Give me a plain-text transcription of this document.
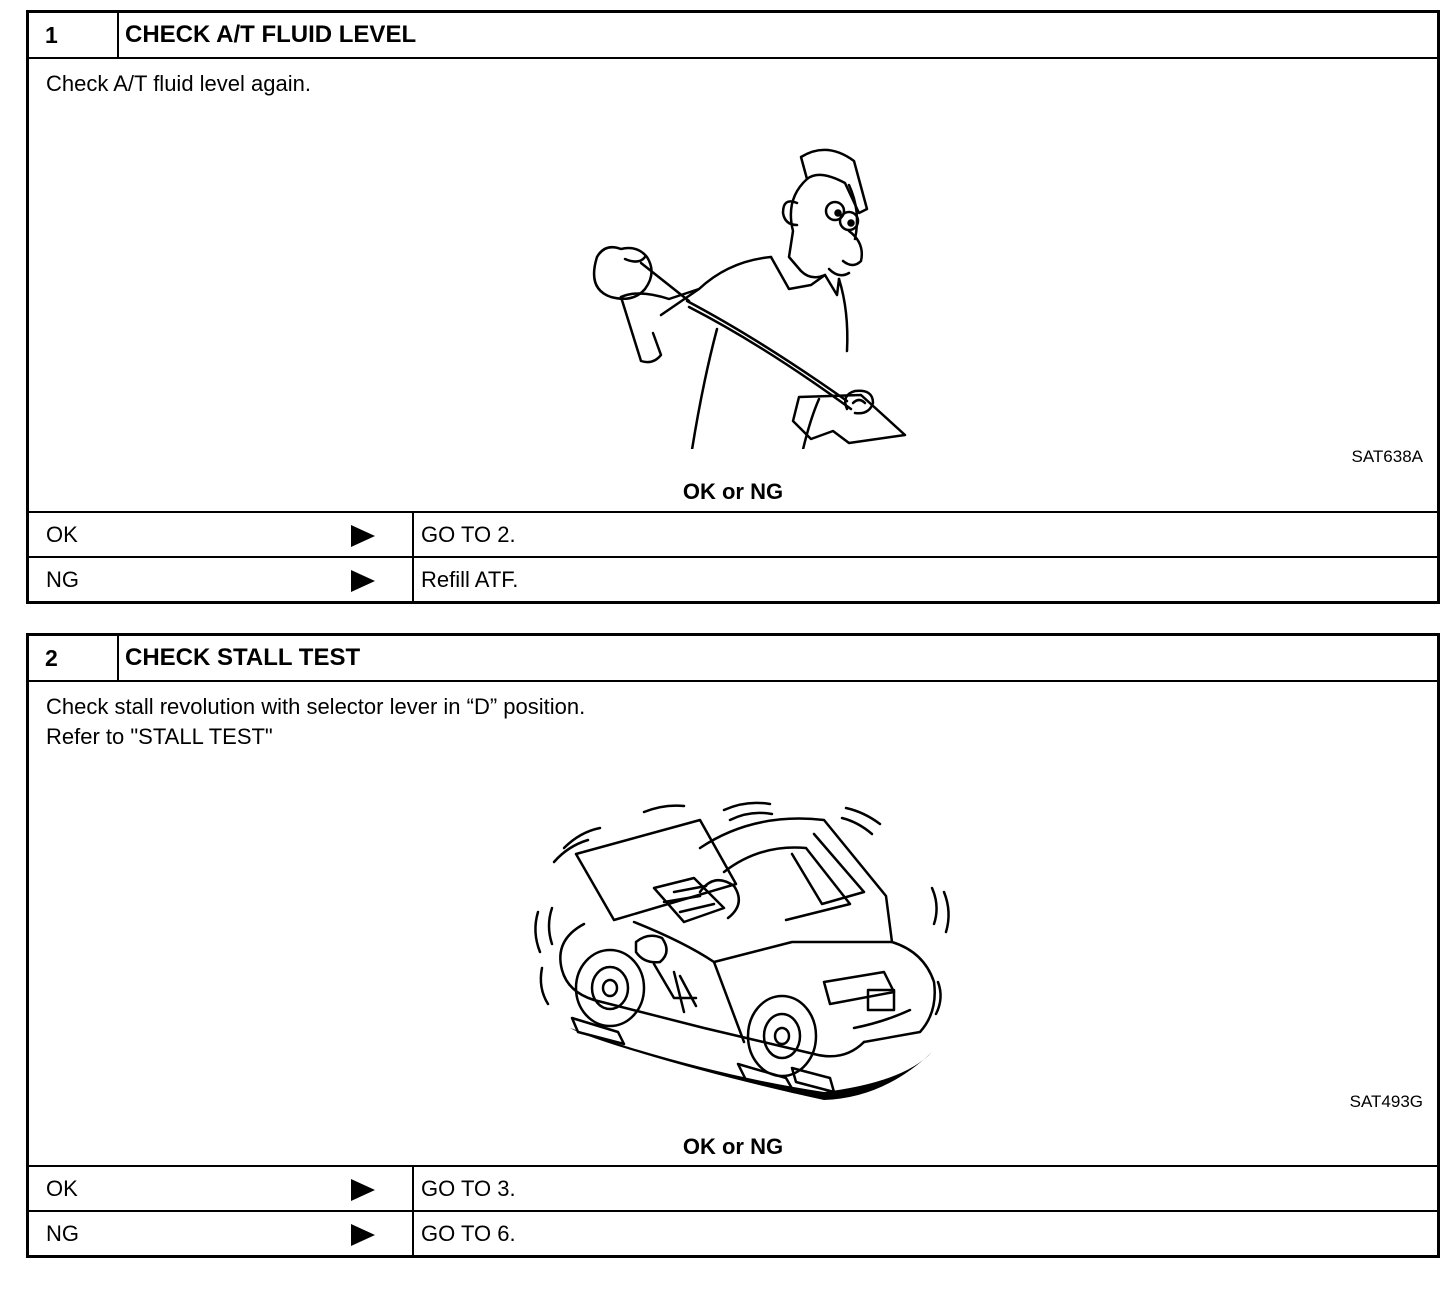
1	CHECK A/T FLUID LEVEL
Check A/T fluid level again.
SAT638A
OK or NG
OK	GO TO 2.
NG	Refill ATF.
2	CHECK STALL TEST
Check stall revolution with selector lever in “D” position.
Refer to "STALL TEST"
SAT493G
OK or NG
OK	GO TO 3.
NG	GO TO 6.
